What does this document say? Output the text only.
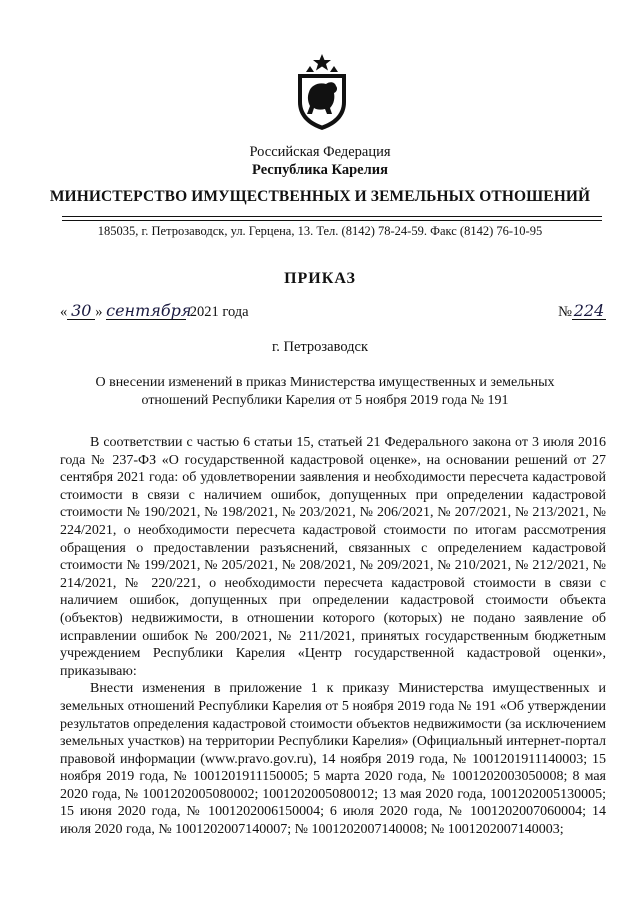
Российская Федерация
Республика Карелия
МИНИСТЕРСТВО ИМУЩЕСТВЕННЫХ И ЗЕМЕЛЬНЫХ ОТНОШЕНИЙ
185035, г. Петрозаводск, ул. Герцена, 13. Тел. (8142) 78-24-59. Факс (8142) 76-10-95
ПРИКАЗ
« 30 » сентября 2021 года	№ 224
г. Петрозаводск
О внесении изменений в приказ Министерства имущественных и земельных отношений Республики Карелия от 5 ноября 2019 года № 191

В соответствии с частью 6 статьи 15, статьей 21 Федерального закона от 3 июля 2016 года № 237-ФЗ «О государственной кадастровой оценке», на основании решений от 27 сентября 2021 года: об удовлетворении заявления и необходимости пересчета кадастровой стоимости в связи с наличием ошибок, допущенных при определении кадастровой стоимости № 190/2021, № 198/2021, № 203/2021, № 206/2021, № 207/2021, № 213/2021, № 224/2021, о необходимости пересчета кадастровой стоимости по итогам рассмотрения обращения о предоставлении разъяснений, связанных с определением кадастровой стоимости № 199/2021, № 205/2021, № 208/2021, № 209/2021, № 210/2021, № 212/2021, № 214/2021, № 220/221, о необходимости пересчета кадастровой стоимости в связи с наличием ошибок, допущенных при определении кадастровой стоимости объекта (объектов) недвижимости, в отношении которого (которых) не подано заявление об исправлении ошибок № 200/2021, № 211/2021, принятых государственным бюджетным учреждением Республики Карелия «Центр государственной кадастровой оценки», приказываю:

Внести изменения в приложение 1 к приказу Министерства имущественных и земельных отношений Республики Карелия от 5 ноября 2019 года № 191 «Об утверждении результатов определения кадастровой стоимости объектов недвижимости (за исключением земельных участков) на территории Республики Карелия» (Официальный интернет-портал правовой информации (www.pravo.gov.ru), 14 ноября 2019 года, № 1001201911140003; 15 ноября 2019 года, № 1001201911150005; 5 марта 2020 года, № 1001202003050008; 8 мая 2020 года, № 1001202005080002; 1001202005080012; 13 мая 2020 года, 1001202005130005; 15 июня 2020 года, № 1001202006150004; 6 июля 2020 года, № 1001202007060004; 14 июля 2020 года, № 1001202007140007; № 1001202007140008; № 1001202007140003;
